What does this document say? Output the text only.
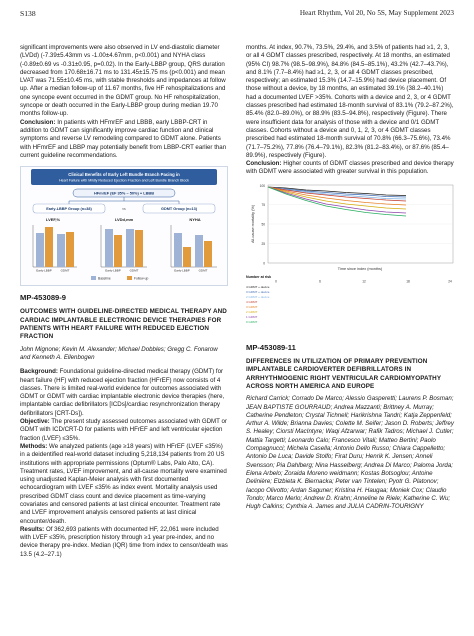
S138	Heart Rhythm, Vol 20, No 5S, May Supplement 2023

significant improvements were also observed in LV end-diastolic diameter (LVDd) (-7.39±5.43mm vs -1.00±4.67mm, p<0.001) and NYHA class (-0.89±0.69 vs -0.31±0.95, p=0.02). In the Early-LBBP group, QRS duration decreased from 170.68±16.71 ms to 131.45±15.75 ms (p<0.001) and mean LVAT was 71.55±10.45 ms, with stable thresholds and impedances at follow up. After a median follow-up of 11.67 months, five HF rehospitalizations and one syncope event occurred in the GDMT group. No HF rehospitalization, syncope or death occurred in the Early-LBBP group during median 19.70 months follow-up.

Conclusion: In patients with HFmrEF and LBBB, early LBBP-CRT in addition to GDMT can significantly improve cardiac function and clinical symptoms and reverse LV remodeling compared to GDMT alone. Patients with HFmrEF and LBBP may potentially benefit from LBBP-CRT earlier than current guideline recommendations.

Clinical Benefits of Early Left Bundle Branch Pacing in
Heart Failure with Mildly Reduced Ejection Fraction and Left Bundle Branch Block
HFmrEF (EF 35% ~ 50%) + LBBB
Early-LBBP Group (n=38)	GDMT Group (n=13)
vs
LVEF,%	LVDd,mm	NYHA
Early-LBBP	GDMT	Early-LBBP	GDMT	Early-LBBP	GDMT
Baseline	Follow-up

MP-453089-9

OUTCOMES WITH GUIDELINE-DIRECTED MEDICAL THERAPY AND CARDIAC IMPLANTABLE ELECTRONIC DEVICE THERAPIES FOR PATIENTS WITH HEART FAILURE WITH REDUCED EJECTION FRACTION

John Mignone; Kevin M. Alexander; Michael Dobbles; Gregg C. Fonarow and Kenneth A. Ellenbogen

Background: Foundational guideline-directed medical therapy (GDMT) for heart failure (HF) with reduced ejection fraction (HFrEF) now consists of 4 classes. There is limited real-world evidence for outcomes associated with GDMT or GDMT with cardiac implantable electronic device therapies (here, implantable cardiac defibrillators [ICDs]/cardiac resynchronization therapy defibrillators [CRT-Ds]).

Objective: The present study assessed outcomes associated with GDMT or GDMT with ICD/CRT-D for patients with HFrEF and left ventricular ejection fraction (LVEF) ≤35%.

Methods: We analyzed patients (age ≥18 years) with HFrEF (LVEF ≤35%) in a deidentified real-world dataset including 5,218,134 patients from 20 US institutions with appropriate permissions (Optum® Labs, Palo Alto, CA). Treatment rates, LVEF improvement, and all-cause mortality were examined using unadjusted Kaplan-Meier analysis with first documented echocardiogram with LVEF ≤35% as index event. Mortality analysis used prescribed GDMT class count and device placement as time-varying covariates and censored patients at last clinical encounter. Treatment rate and LVEF improvement analysis censored patients at last clinical encounter/death.

Results: Of 362,693 patients with documented HF, 22,061 were included with LVEF ≤35%, prescription history through ≥1 year pre-index, and no device therapy pre-index. Median (IQR) time from index to censor/death was 13.5 (4.2–27.1)

months. At index, 90.7%, 73.5%, 29.4%, and 3.5% of patients had ≥1, 2, 3, or all 4 GDMT classes prescribed, respectively. At 18 months, an estimated (95% CI) 98.7% (98.5–98.9%), 84.8% (84.5–85.1%), 43.2% (42.7–43.7%), and 8.1% (7.7–8.4%) had ≥1, 2, 3, or all 4 GDMT classes prescribed, respectively; an estimated 15.3% (14.7–15.9%) had device placement. Of those without a device, by 18 months, an estimated 39.1% (38.2–40.1%) had a documented LVEF >35%. Cohorts with a device and 2, 3, or 4 GDMT classes prescribed had estimated 18-month survival of 83.1% (79.2–87.2%), 85.4% (82.0–89.0%), or 88.9% (83.5–94.8%), respectively (Figure). There were insufficient data for analysis of those with a device and 0/1 GDMT classes. Cohorts without a device and 0, 1, 2, 3, or 4 GDMT classes prescribed had estimated 18-month survival of 70.8% (66.3–75.6%), 73.4% (71.7–75.2%), 77.8% (76.4–79.1%), 82.3% (81.2–83.4%), or 87.6% (85.4–89.9%), respectively (Figure).

Conclusion: Higher counts of GDMT classes prescribed and device therapy with GDMT were associated with greater survival in this population.

All-cause mortality (%)
100
75
50
25
0
Time since index (months)
Number at risk
0	6	12	18	24
4 GDMT + device
3 GDMT + device
2 GDMT + device
4 GDMT
3 GDMT
2 GDMT
1 GDMT
0 GDMT

MP-453089-11

DIFFERENCES IN UTILIZATION OF PRIMARY PREVENTION IMPLANTABLE CARDIOVERTER DEFIBRILLATORS IN ARRHYTHMOGENIC RIGHT VENTRICULAR CARDIOMYOPATHY ACROSS NORTH AMERICA AND EUROPE

Richard Carrick; Corrado De Marco; Alessio Gasperetti; Laurens P. Bosman; JEAN BAPTISTE GOURRAUD; Andrea Mazzanti; Brittney A. Murray; Catherine Pendleton; Crystal Tichnell; Harikrishna Tandri; Katja Zeppenfeld; Arthur A. Wilde; Brianna Davies; Colette M. Seifer; Jason D. Roberts; Jeffrey S. Healey; Ciorsti MacIntyre; Waqi Afzarwar; Rafik Tadros; Michael J. Cutler; Mattia Targetti; Leonardo Calo; Francesco Vitali; Matteo Bertini; Paolo Compagnucci; Michela Casella; Antonio Dello Russo; Chiara Cappelletto; Antonio De Luca; Davide Stolfo; Firat Duru; Henrik K. Jensen; Anneli Svensson; Pia Dahlberg; Nina Hasselberg; Andrea Di Marco; Paloma Jorda; Elena Arbelo; Zoraida Moreno weidmann; Kostas Botsoglou; Antoine Delinière; Elzbieta K. Biernacka; Peter van Tintelen; Pyotr G. Platonov; Iacopo Olivotto; Ardan Saguner; Kristina H. Haugaa; Moniek Cox; Claudio Tondo; Marco Merlo; Andrew D. Krahn; Anneline te Riele; Katherine C. Wu; Hugh Calkins; Cynthia A. James and JULIA CADRIN-TOURIGNY
